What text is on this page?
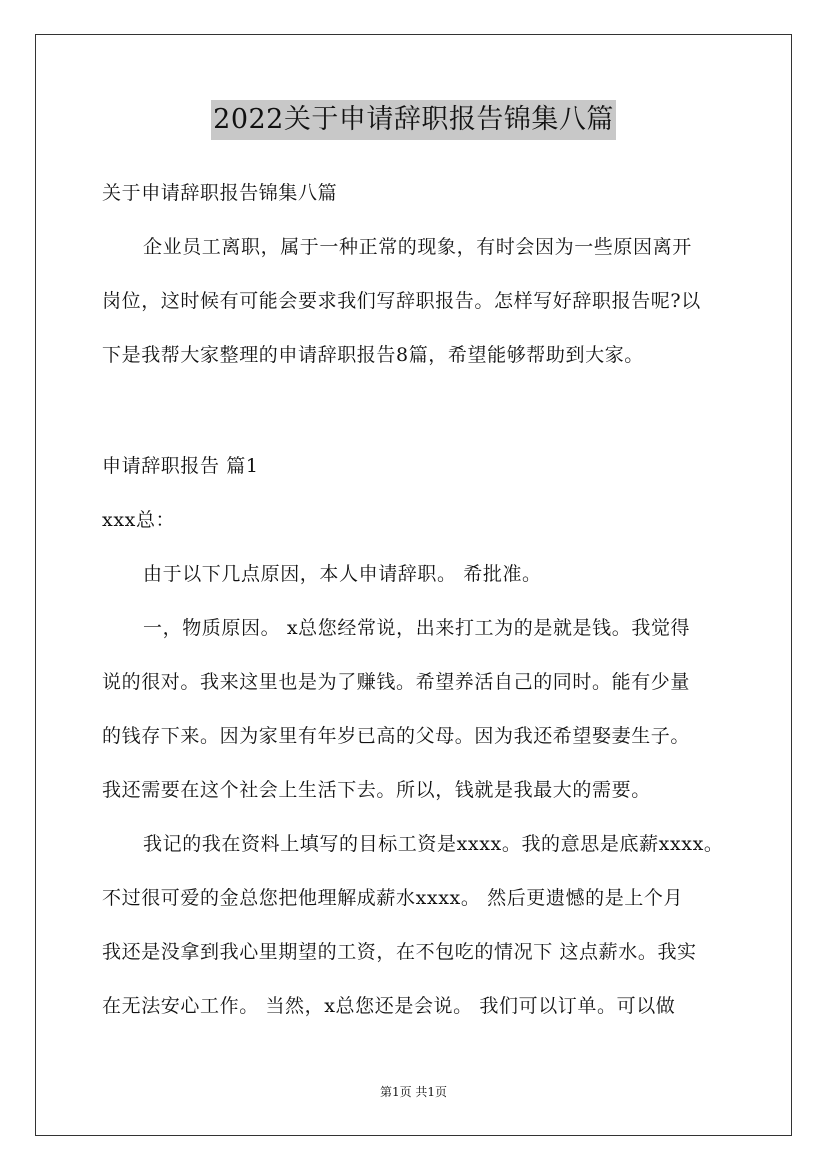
2022关于申请辞职报告锦集八篇
关于申请辞职报告锦集八篇
企业员工离职，属于一种正常的现象，有时会因为一些原因离开
岗位，这时候有可能会要求我们写辞职报告。怎样写好辞职报告呢?以
下是我帮大家整理的申请辞职报告8篇，希望能够帮助到大家。
申请辞职报告 篇1
xxx总：
由于以下几点原因，本人申请辞职。 希批准。
一，物质原因。 x总您经常说，出来打工为的是就是钱。我觉得
说的很对。我来这里也是为了赚钱。希望养活自己的同时。能有少量
的钱存下来。因为家里有年岁已高的父母。因为我还希望娶妻生子。
我还需要在这个社会上生活下去。所以，钱就是我最大的需要。
我记的我在资料上填写的目标工资是xxxx。我的意思是底薪xxxx。
不过很可爱的金总您把他理解成薪水xxxx。 然后更遗憾的是上个月
我还是没拿到我心里期望的工资，在不包吃的情况下 这点薪水。我实
在无法安心工作。 当然，x总您还是会说。 我们可以订单。可以做
第1页 共1页
